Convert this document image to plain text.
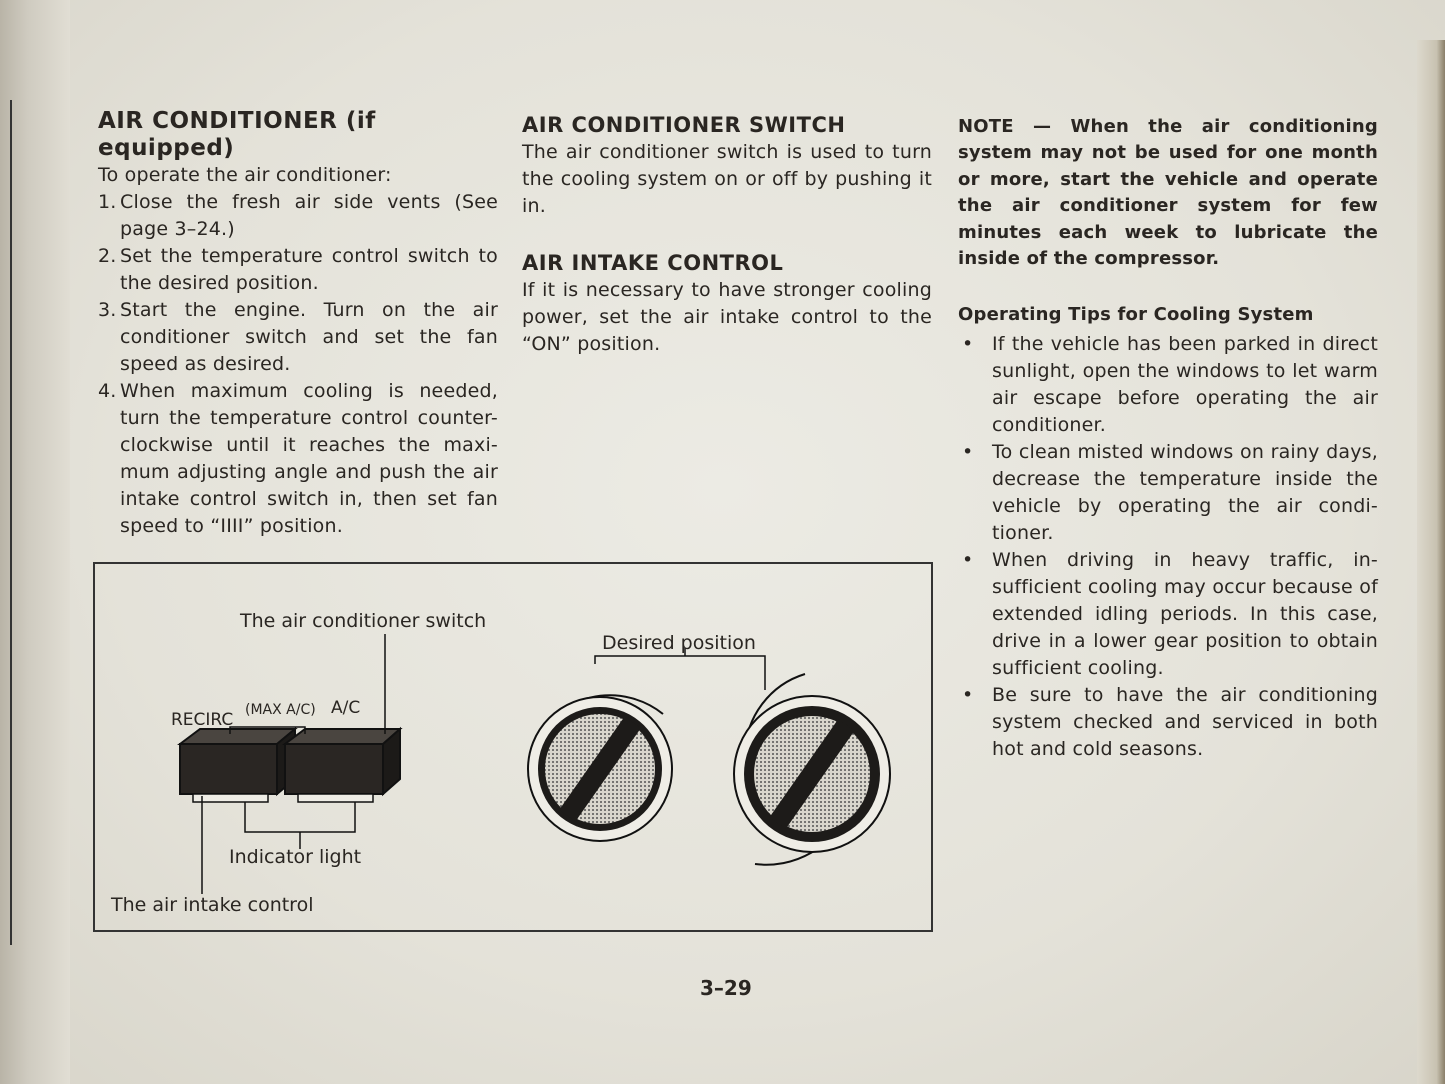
AIR CONDITIONER (if equipped)

To operate the air conditioner:

1. Close the fresh air side vents (See page 3–24.)
2. Set the temperature control switch to the desired position.
3. Start the engine. Turn on the air conditioner switch and set the fan speed as desired.
4. When maximum cooling is needed, turn the temperature control counter-clockwise until it reaches the maxi-mum adjusting angle and push the air intake control switch in, then set fan speed to “IIII” position.
AIR CONDITIONER SWITCH

The air conditioner switch is used to turn the cooling system on or off by pushing it in.

AIR INTAKE CONTROL

If it is necessary to have stronger cooling power, set the air intake control to the “ON” position.

NOTE — When the air conditioning system may not be used for one month or more, start the vehicle and operate the air conditioner system for few minutes each week to lubricate the inside of the compressor.

Operating Tips for Cooling System
• If the vehicle has been parked in direct sunlight, open the windows to let warm air escape before operating the air conditioner.
• To clean misted windows on rainy days, decrease the temperature inside the vehicle by operating the air condi-tioner.
• When driving in heavy traffic, in-sufficient cooling may occur because of extended idling periods. In this case, drive in a lower gear position to obtain sufficient cooling.
• Be sure to have the air conditioning system checked and serviced in both hot and cold seasons.
The air conditioner switch
RECIRC (MAX A/C) A/C
Indicator light
The air intake control
Desired position
3–29
